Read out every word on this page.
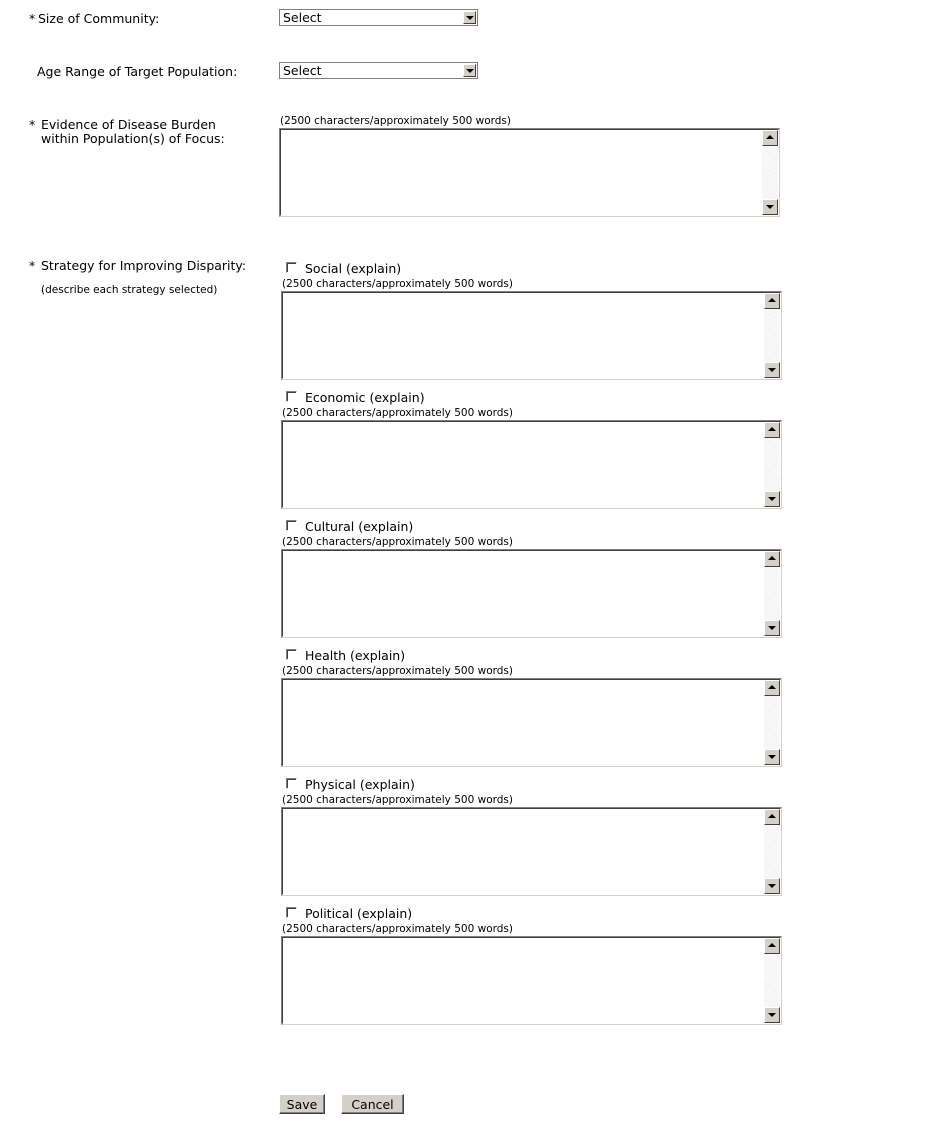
* Size of Community:	Select
Age Range of Target Population:	Select
* Evidence of Disease Burden
within Population(s) of Focus:
(2500 characters/approximately 500 words)
* Strategy for Improving Disparity:
(describe each strategy selected)
Social (explain)
(2500 characters/approximately 500 words)
Economic (explain)
(2500 characters/approximately 500 words)
Cultural (explain)
(2500 characters/approximately 500 words)
Health (explain)
(2500 characters/approximately 500 words)
Physical (explain)
(2500 characters/approximately 500 words)
Political (explain)
(2500 characters/approximately 500 words)
Save	Cancel
